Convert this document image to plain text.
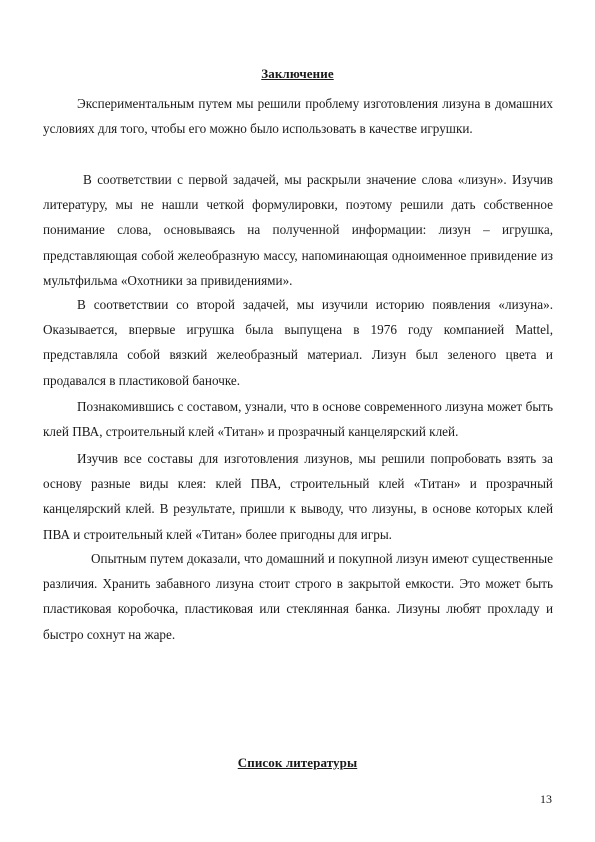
Заключение

Экспериментальным путем мы решили проблему изготовления лизуна в домашних условиях для того, чтобы его можно было использовать в качестве игрушки.

В соответствии с первой задачей, мы раскрыли значение слова «лизун». Изучив литературу, мы не нашли четкой формулировки, поэтому решили дать собственное понимание слова, основываясь на полученной информации: лизун – игрушка, представляющая собой желеобразную массу, напоминающая одноименное привидение из мультфильма «Охотники за привидениями».

В соответствии со второй задачей, мы изучили историю появления «лизуна». Оказывается, впервые игрушка была выпущена в 1976 году компанией Mattel, представляла собой вязкий желеобразный материал. Лизун был зеленого цвета и продавался в пластиковой баночке.

Познакомившись с составом, узнали, что в основе современного лизуна может быть клей ПВА, строительный клей «Титан» и прозрачный канцелярский клей.

Изучив все составы для изготовления лизунов, мы решили попробовать взять за основу разные виды клея: клей ПВА, строительный клей «Титан» и прозрачный канцелярский клей. В результате, пришли к выводу, что лизуны, в основе которых клей ПВА и строительный клей «Титан» более пригодны для игры.

Опытным путем доказали, что домашний и покупной лизун имеют существенные различия. Хранить забавного лизуна стоит строго в закрытой емкости. Это может быть пластиковая коробочка, пластиковая или стеклянная банка. Лизуны любят прохладу и быстро сохнут на жаре.

Список литературы
13
